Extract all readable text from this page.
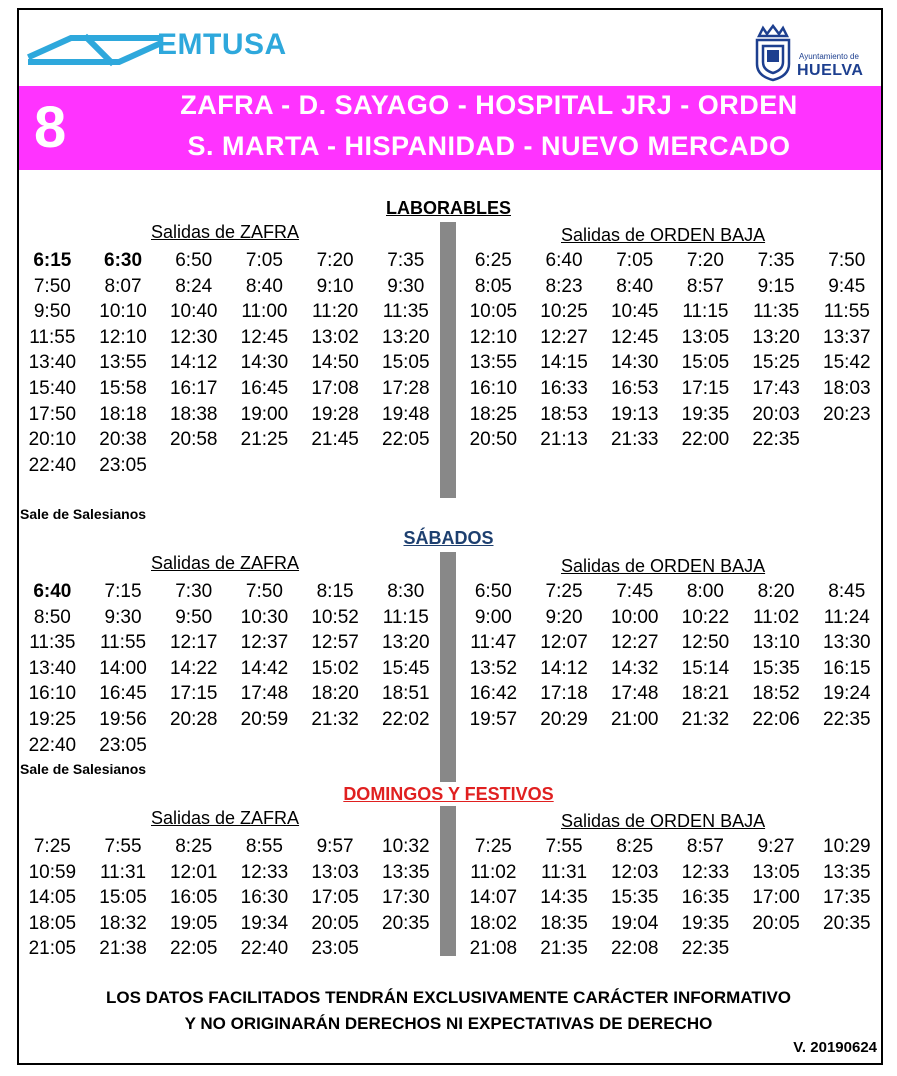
EMTUSA	Ayuntamiento de
HUELVA
8	ZAFRA - D. SAYAGO - HOSPITAL JRJ - ORDEN
S. MARTA - HISPANIDAD - NUEVO MERCADO
LABORABLES
Salidas de ZAFRA	Salidas de ORDEN BAJA
6:15	6:30	6:50	7:05	7:20	7:35
7:50	8:07	8:24	8:40	9:10	9:30
9:50	10:10	10:40	11:00	11:20	11:35
11:55	12:10	12:30	12:45	13:02	13:20
13:40	13:55	14:12	14:30	14:50	15:05
15:40	15:58	16:17	16:45	17:08	17:28
17:50	18:18	18:38	19:00	19:28	19:48
20:10	20:38	20:58	21:25	21:45	22:05
22:40	23:05
6:25	6:40	7:05	7:20	7:35	7:50
8:05	8:23	8:40	8:57	9:15	9:45
10:05	10:25	10:45	11:15	11:35	11:55
12:10	12:27	12:45	13:05	13:20	13:37
13:55	14:15	14:30	15:05	15:25	15:42
16:10	16:33	16:53	17:15	17:43	18:03
18:25	18:53	19:13	19:35	20:03	20:23
20:50	21:13	21:33	22:00	22:35
Sale de Salesianos
SÁBADOS
Salidas de ZAFRA	Salidas de ORDEN BAJA
6:40	7:15	7:30	7:50	8:15	8:30
8:50	9:30	9:50	10:30	10:52	11:15
11:35	11:55	12:17	12:37	12:57	13:20
13:40	14:00	14:22	14:42	15:02	15:45
16:10	16:45	17:15	17:48	18:20	18:51
19:25	19:56	20:28	20:59	21:32	22:02
22:40	23:05
6:50	7:25	7:45	8:00	8:20	8:45
9:00	9:20	10:00	10:22	11:02	11:24
11:47	12:07	12:27	12:50	13:10	13:30
13:52	14:12	14:32	15:14	15:35	16:15
16:42	17:18	17:48	18:21	18:52	19:24
19:57	20:29	21:00	21:32	22:06	22:35
Sale de Salesianos
DOMINGOS Y FESTIVOS
Salidas de ZAFRA	Salidas de ORDEN BAJA
7:25	7:55	8:25	8:55	9:57	10:32
10:59	11:31	12:01	12:33	13:03	13:35
14:05	15:05	16:05	16:30	17:05	17:30
18:05	18:32	19:05	19:34	20:05	20:35
21:05	21:38	22:05	22:40	23:05
7:25	7:55	8:25	8:57	9:27	10:29
11:02	11:31	12:03	12:33	13:05	13:35
14:07	14:35	15:35	16:35	17:00	17:35
18:02	18:35	19:04	19:35	20:05	20:35
21:08	21:35	22:08	22:35
LOS DATOS FACILITADOS TENDRÁN EXCLUSIVAMENTE CARÁCTER INFORMATIVO
Y NO ORIGINARÁN DERECHOS NI EXPECTATIVAS DE DERECHO
V. 20190624
